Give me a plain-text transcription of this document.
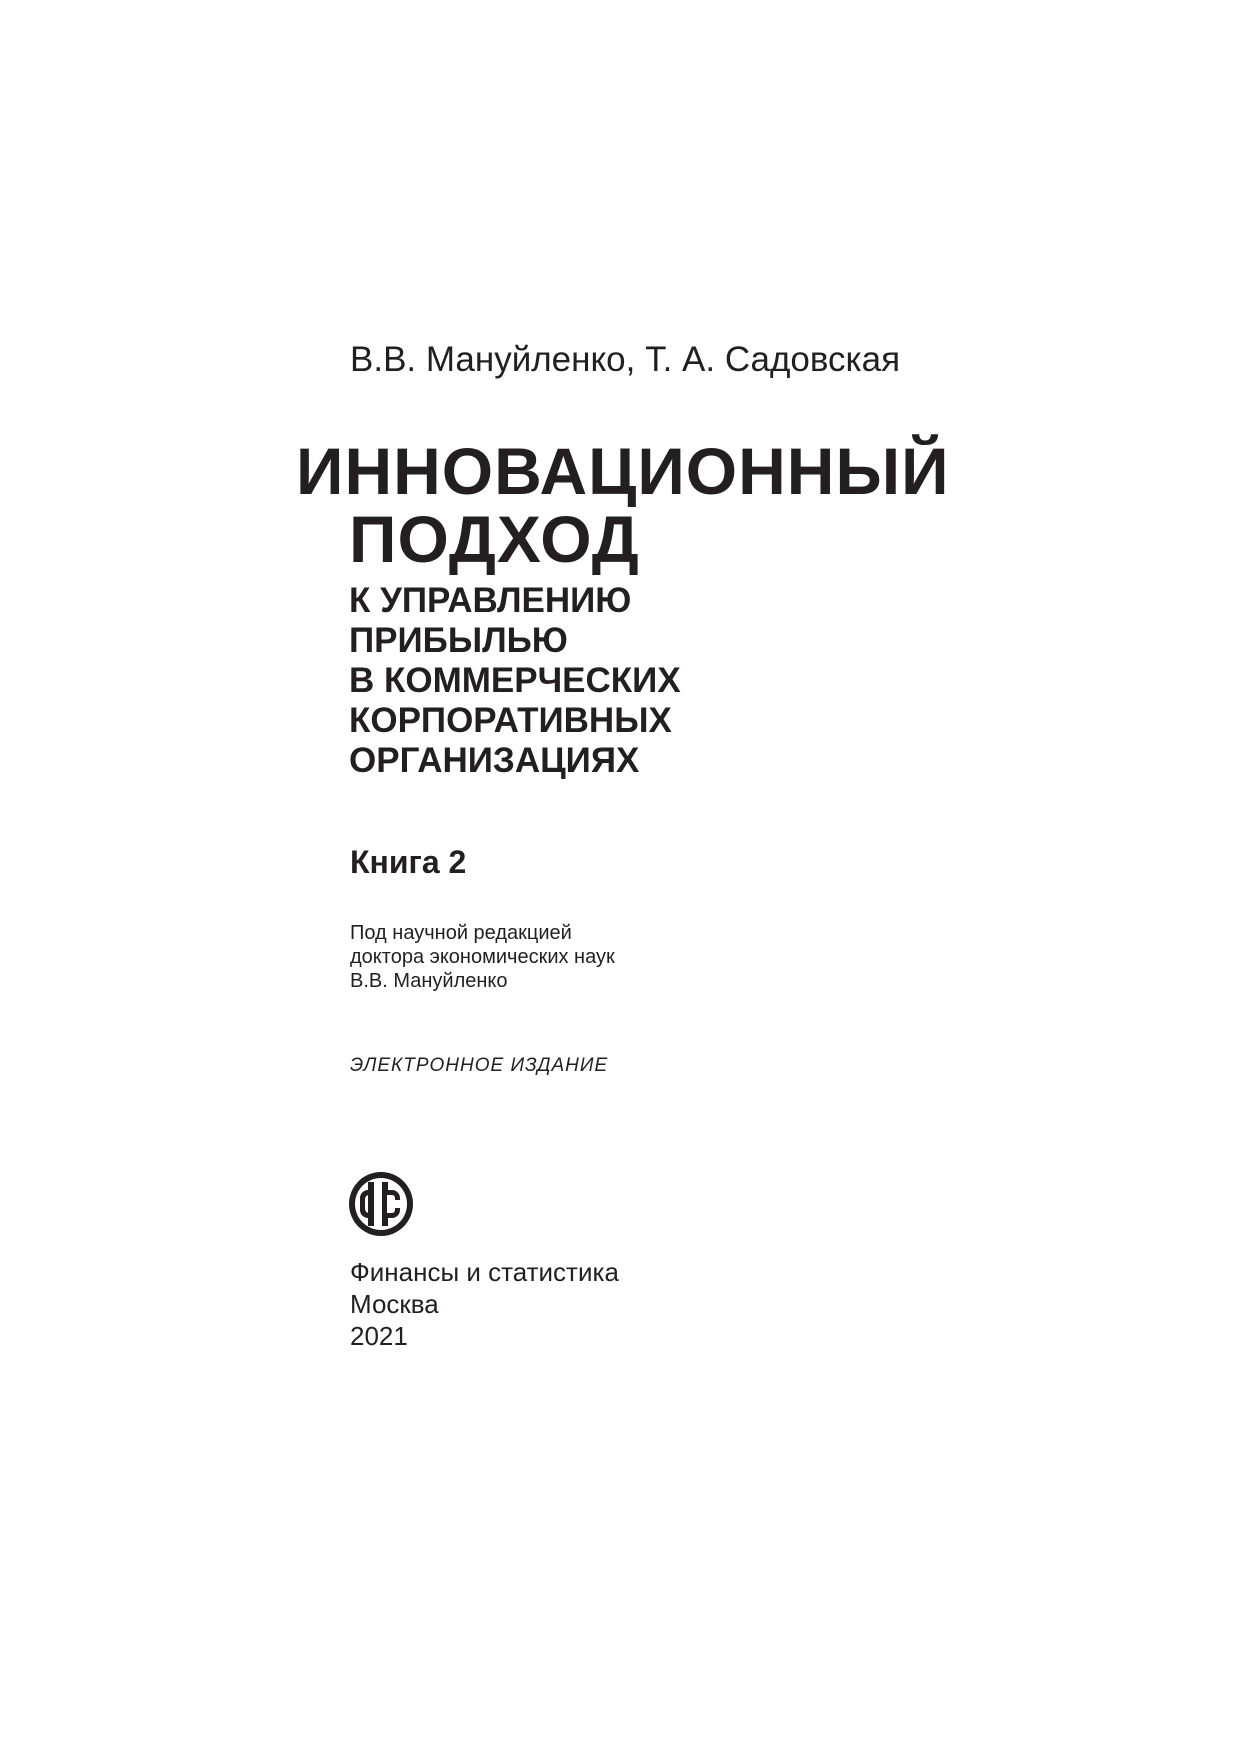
В.В. Мануйленко, Т. А. Садовская
ИННОВАЦИОННЫЙ
ПОДХОД
К УПРАВЛЕНИЮ
ПРИБЫЛЬЮ
В КОММЕРЧЕСКИХ
КОРПОРАТИВНЫХ
ОРГАНИЗАЦИЯХ
Книга 2
Под научной редакцией
доктора экономических наук
В.В. Мануйленко
ЭЛЕКТРОННОЕ ИЗДАНИЕ
Финансы и статистика
Москва
2021
